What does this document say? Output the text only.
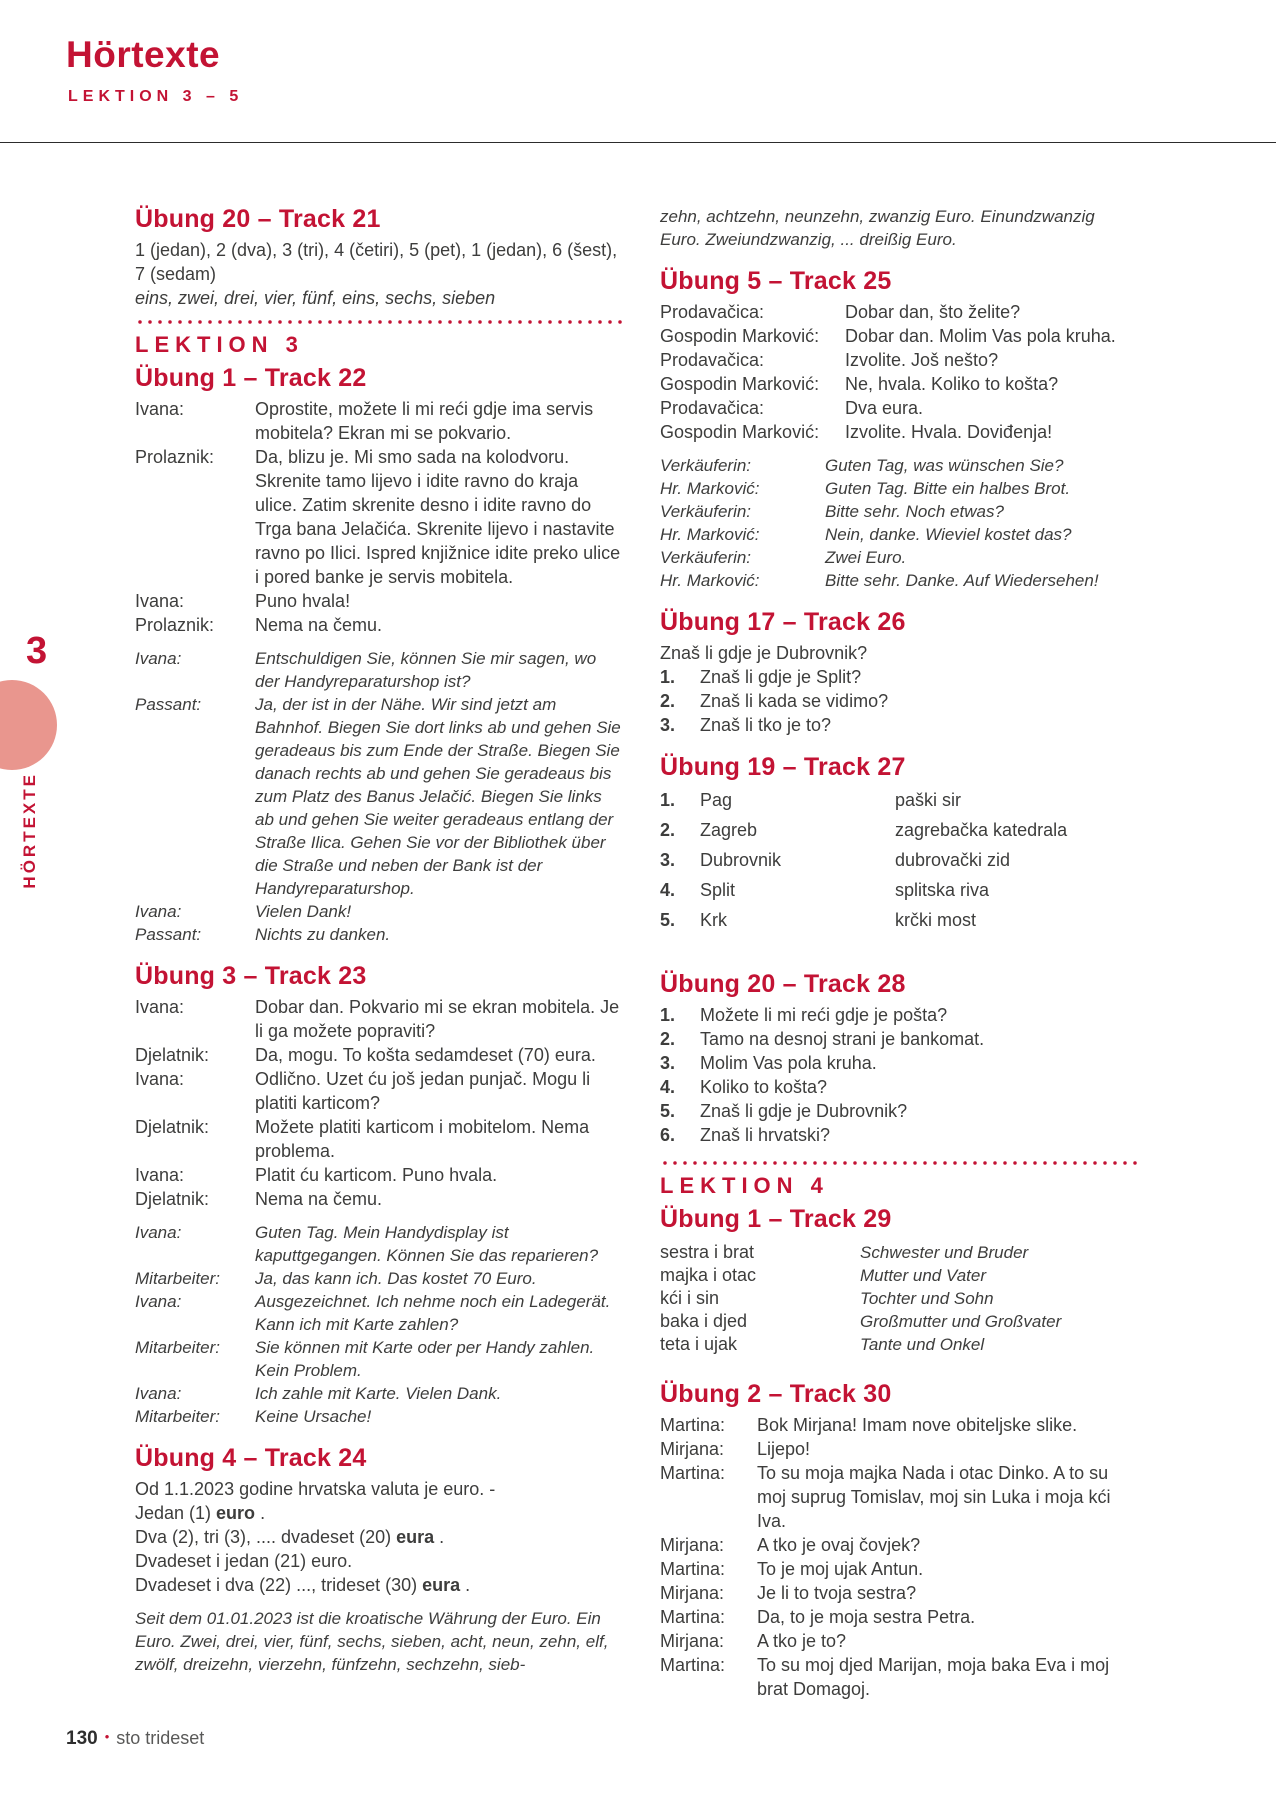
Hörtexte
LEKTION 3 – 5
3
HÖRTEXTE
130 • sto trideset
Übung 20 – Track 21
1 (jedan), 2 (dva), 3 (tri), 4 (četiri), 5 (pet), 1 (jedan), 6 (šest), 7 (sedam)
eins, zwei, drei, vier, fünf, eins, sechs, sieben
LEKTION 3
Übung 1 – Track 22
Ivana:	Oprostite, možete li mi reći gdje ima servis mobitela? Ekran mi se pokvario.
Prolaznik:	Da, blizu je. Mi smo sada na kolodvoru. Skrenite tamo lijevo i idite ravno do kraja ulice. Zatim skrenite desno i idite ravno do Trga bana Jelačića. Skrenite lijevo i nastavite ravno po Ilici. Ispred knjižnice idite preko ulice i pored banke je servis mobitela.
Ivana:	Puno hvala!
Prolaznik:	Nema na čemu.
Ivana:	Entschuldigen Sie, können Sie mir sagen, wo der Handyreparaturshop ist?
Passant:	Ja, der ist in der Nähe. Wir sind jetzt am Bahnhof. Biegen Sie dort links ab und gehen Sie geradeaus bis zum Ende der Straße. Biegen Sie danach rechts ab und gehen Sie geradeaus bis zum Platz des Banus Jelačić. Biegen Sie links ab und gehen Sie weiter geradeaus entlang der Straße Ilica. Gehen Sie vor der Bibliothek über die Straße und neben der Bank ist der Handyreparaturshop.
Ivana:	Vielen Dank!
Passant:	Nichts zu danken.
Übung 3 – Track 23
Ivana:	Dobar dan. Pokvario mi se ekran mobitela. Je li ga možete popraviti?
Djelatnik:	Da, mogu. To košta sedamdeset (70) eura.
Ivana:	Odlično. Uzet ću još jedan punjač. Mogu li platiti karticom?
Djelatnik:	Možete platiti karticom i mobitelom. Nema problema.
Ivana:	Platit ću karticom. Puno hvala.
Djelatnik:	Nema na čemu.
Ivana:	Guten Tag. Mein Handydisplay ist kaputtgegangen. Können Sie das reparieren?
Mitarbeiter:	Ja, das kann ich. Das kostet 70 Euro.
Ivana:	Ausgezeichnet. Ich nehme noch ein Ladegerät. Kann ich mit Karte zahlen?
Mitarbeiter:	Sie können mit Karte oder per Handy zahlen. Kein Problem.
Ivana:	Ich zahle mit Karte. Vielen Dank.
Mitarbeiter:	Keine Ursache!
Übung 4 – Track 24
Od 1.1.2023 godine hrvatska valuta je euro. -
Jedan (1) euro .
Dva (2), tri (3), .... dvadeset (20) eura .
Dvadeset i jedan (21) euro.
Dvadeset i dva (22) ..., trideset (30) eura .
Seit dem 01.01.2023 ist die kroatische Währung der Euro. Ein Euro. Zwei, drei, vier, fünf, sechs, sieben, acht, neun, zehn, elf, zwölf, dreizehn, vierzehn, fünfzehn, sechzehn, sieb-
zehn, achtzehn, neunzehn, zwanzig Euro. Einundzwanzig Euro. Zweiundzwanzig, ... dreißig Euro.
Übung 5 – Track 25
Prodavačica:	Dobar dan, što želite?
Gospodin Marković:	Dobar dan. Molim Vas pola kruha.
Prodavačica:	Izvolite. Još nešto?
Gospodin Marković:	Ne, hvala. Koliko to košta?
Prodavačica:	Dva eura.
Gospodin Marković:	Izvolite. Hvala. Doviđenja!
Verkäuferin:	Guten Tag, was wünschen Sie?
Hr. Marković:	Guten Tag. Bitte ein halbes Brot.
Verkäuferin:	Bitte sehr. Noch etwas?
Hr. Marković:	Nein, danke. Wieviel kostet das?
Verkäuferin:	Zwei Euro.
Hr. Marković:	Bitte sehr. Danke. Auf Wiedersehen!
Übung 17 – Track 26
Znaš li gdje je Dubrovnik?
1.	Znaš li gdje je Split?
2.	Znaš li kada se vidimo?
3.	Znaš li tko je to?
Übung 19 – Track 27
1.	Pag	paški sir
2.	Zagreb	zagrebačka katedrala
3.	Dubrovnik	dubrovački zid
4.	Split	splitska riva
5.	Krk	krčki most
Übung 20 – Track 28
1.	Možete li mi reći gdje je pošta?
2.	Tamo na desnoj strani je bankomat.
3.	Molim Vas pola kruha.
4.	Koliko to košta?
5.	Znaš li gdje je Dubrovnik?
6.	Znaš li hrvatski?
LEKTION 4
Übung 1 – Track 29
sestra i brat	Schwester und Bruder
majka i otac	Mutter und Vater
kći i sin	Tochter und Sohn
baka i djed	Großmutter und Großvater
teta i ujak	Tante und Onkel
Übung 2 – Track 30
Martina:	Bok Mirjana! Imam nove obiteljske slike.
Mirjana:	Lijepo!
Martina:	To su moja majka Nada i otac Dinko. A to su moj suprug Tomislav, moj sin Luka i moja kći Iva.
Mirjana:	A tko je ovaj čovjek?
Martina:	To je moj ujak Antun.
Mirjana:	Je li to tvoja sestra?
Martina:	Da, to je moja sestra Petra.
Mirjana:	A tko je to?
Martina:	To su moj djed Marijan, moja baka Eva i moj brat Domagoj.
